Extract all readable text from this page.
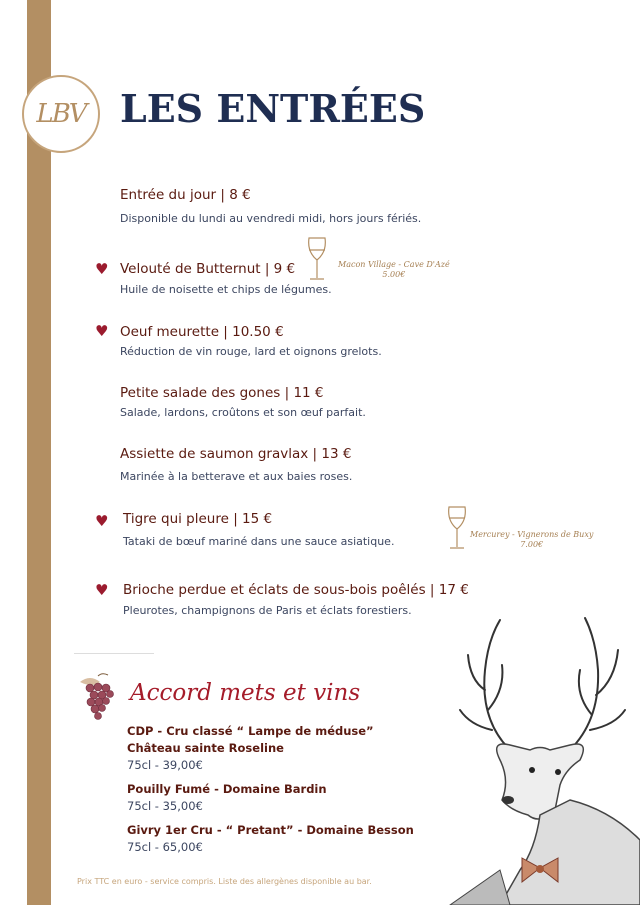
LBV LES ENTRÉES
Entrée du jour | 8 €
Disponible du lundi au vendredi midi, hors jours fériés.
♥ Velouté de Butternut | 9 €
Huile de noisette et chips de légumes.
Macon Village - Cave D'Azé
5.00€
♥ Oeuf meurette | 10.50 €
Réduction de vin rouge, lard et oignons grelots.
Petite salade des gones | 11 €
Salade, lardons, croûtons et son œuf parfait.
Assiette de saumon gravlax | 13 €
Marinée à la betterave et aux baies roses.
♥ Tigre qui pleure | 15 €
Tataki de bœuf mariné dans une sauce asiatique.
Mercurey - Vignerons de Buxy
7.00€
♥ Brioche perdue et éclats de sous-bois poêlés | 17 €
Pleurotes, champignons de Paris et éclats forestiers.
Accord mets et vins
CDP - Cru classé “ Lampe de méduse”
Château sainte Roseline
75cl - 39,00€
Pouilly Fumé - Domaine Bardin
75cl - 35,00€
Givry 1er Cru - “ Pretant” - Domaine Besson
75cl - 65,00€
Prix TTC en euro - service compris. Liste des allergènes disponible au bar.
